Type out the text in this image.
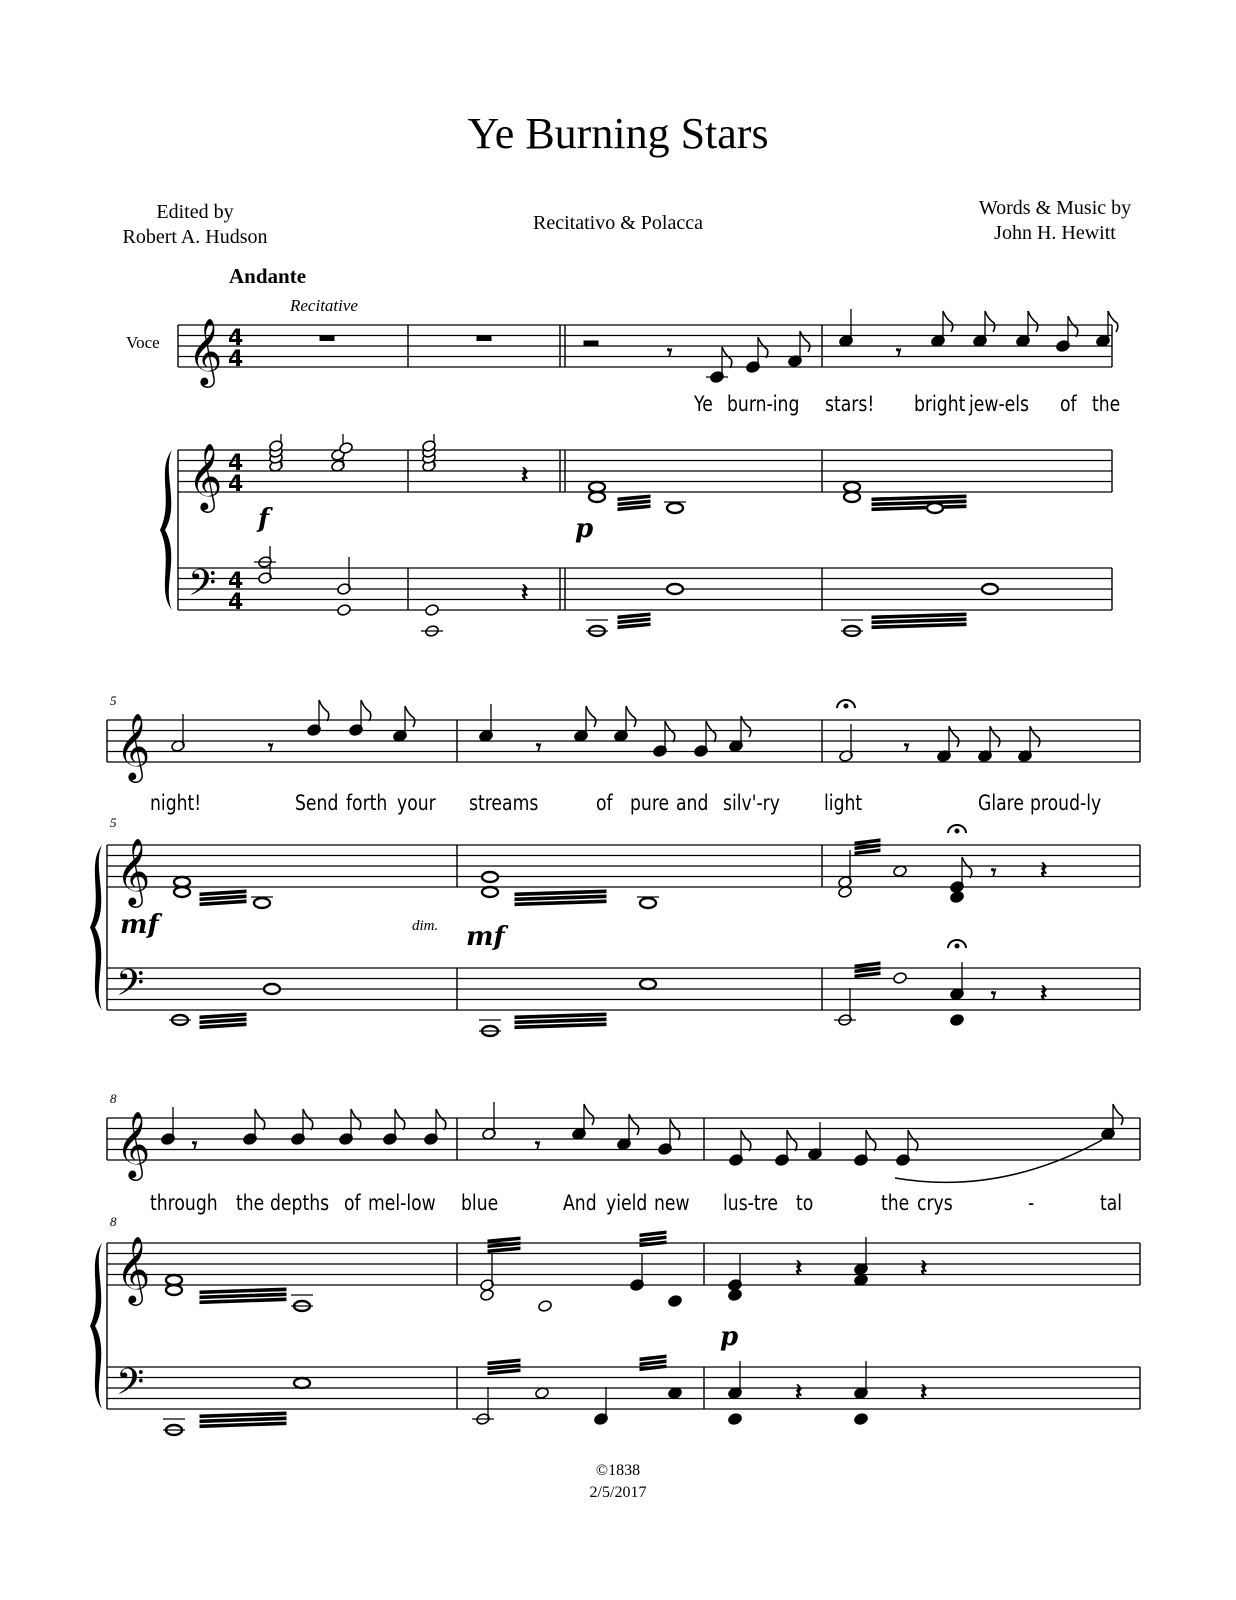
Ye Burning Stars
Edited by
Robert A. Hudson
Recitativo & Polacca
Words & Music by
John H. Hewitt
Andante
Recitative
Voce
5
5
8
8
f	p
mf	dim. mf
p
Ye burn-ing stars! bright jew-els of the
night!	Send forth your streams	of pure and silv'-ry light	Glare proud-ly
through the depths of mel-low blue	And yield new lus-tre to	the crys	-	tal
𝄞
𝄞
𝄢
4
4
4
4
4
4
𝄞
𝄞
𝄢
𝄞
𝄞
𝄢
𝄾	𝄾
𝄽
𝄽
𝄾	𝄾	𝄾
𝄾 𝄽
𝄾 𝄽
𝄾	𝄾
𝄽	𝄽
𝄽	𝄽
©1838
2/5/2017
